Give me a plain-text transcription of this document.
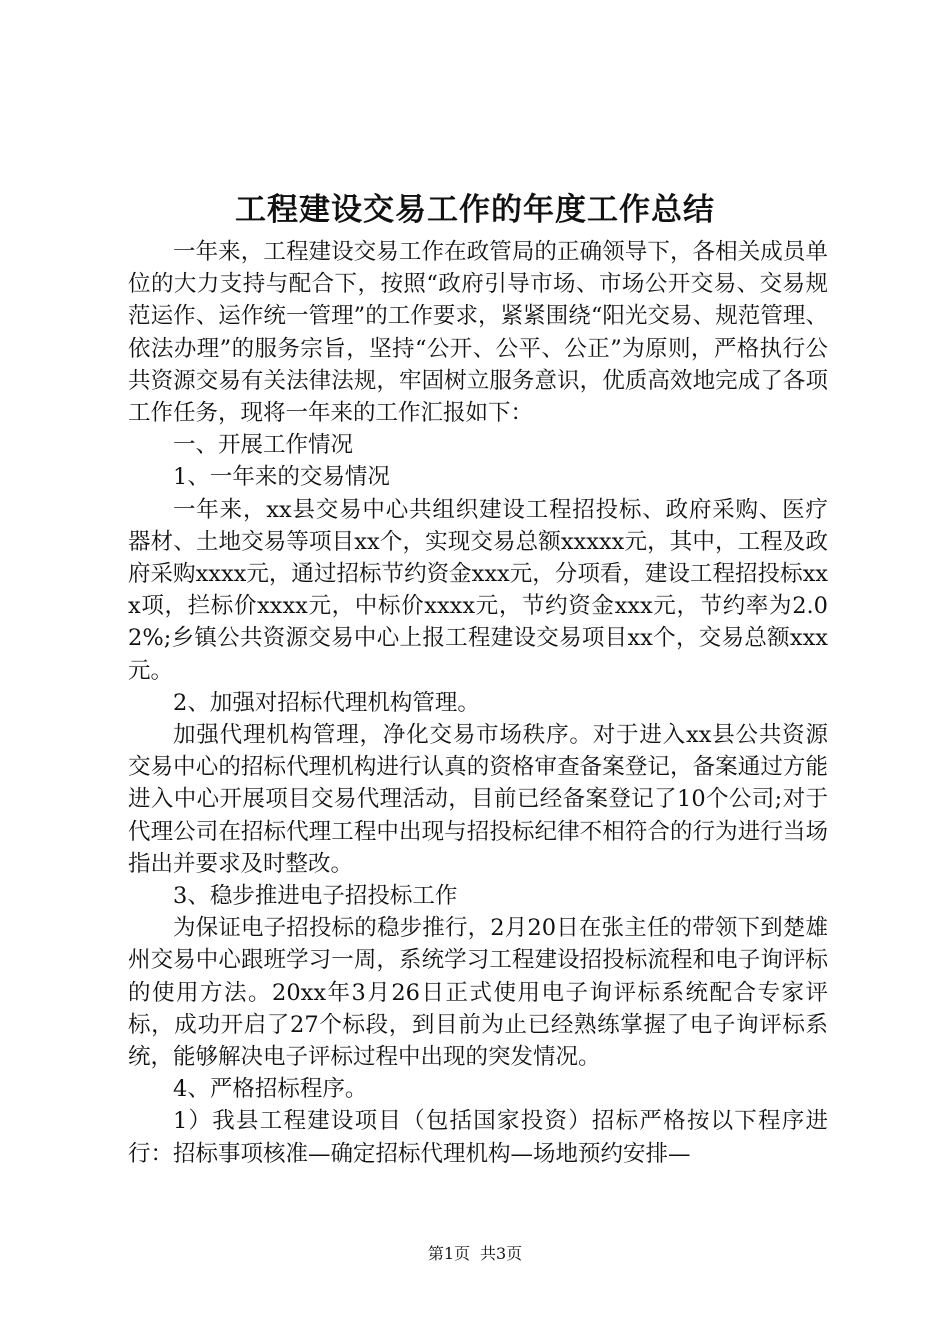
工程建设交易工作的年度工作总结

一年来，工程建设交易工作在政管局的正确领导下，各相关成员单位的大力支持与配合下，按照“政府引导市场、市场公开交易、交易规范运作、运作统一管理”的工作要求，紧紧围绕“阳光交易、规范管理、依法办理”的服务宗旨，坚持“公开、公平、公正”为原则，严格执行公共资源交易有关法律法规，牢固树立服务意识，优质高效地完成了各项工作任务，现将一年来的工作汇报如下：

一、开展工作情况

1、一年来的交易情况

一年来，xx县交易中心共组织建设工程招投标、政府采购、医疗器材、土地交易等项目xx个，实现交易总额xxxxx元，其中，工程及政府采购xxxx元，通过招标节约资金xxx元，分项看，建设工程招投标xxx项，拦标价xxxx元，中标价xxxx元，节约资金xxx元，节约率为2.02%;乡镇公共资源交易中心上报工程建设交易项目xx个，交易总额xxx元。

2、加强对招标代理机构管理。

加强代理机构管理，净化交易市场秩序。对于进入xx县公共资源交易中心的招标代理机构进行认真的资格审查备案登记，备案通过方能进入中心开展项目交易代理活动，目前已经备案登记了10个公司;对于代理公司在招标代理工程中出现与招投标纪律不相符合的行为进行当场指出并要求及时整改。

3、稳步推进电子招投标工作

为保证电子招投标的稳步推行，2月20日在张主任的带领下到楚雄州交易中心跟班学习一周，系统学习工程建设招投标流程和电子询评标的使用方法。20xx年3月26日正式使用电子询评标系统配合专家评标，成功开启了27个标段，到目前为止已经熟练掌握了电子询评标系统，能够解决电子评标过程中出现的突发情况。

4、严格招标程序。

1）我县工程建设项目（包括国家投资）招标严格按以下程序进行：招标事项核准—确定招标代理机构—场地预约安排—

第1页 共3页
